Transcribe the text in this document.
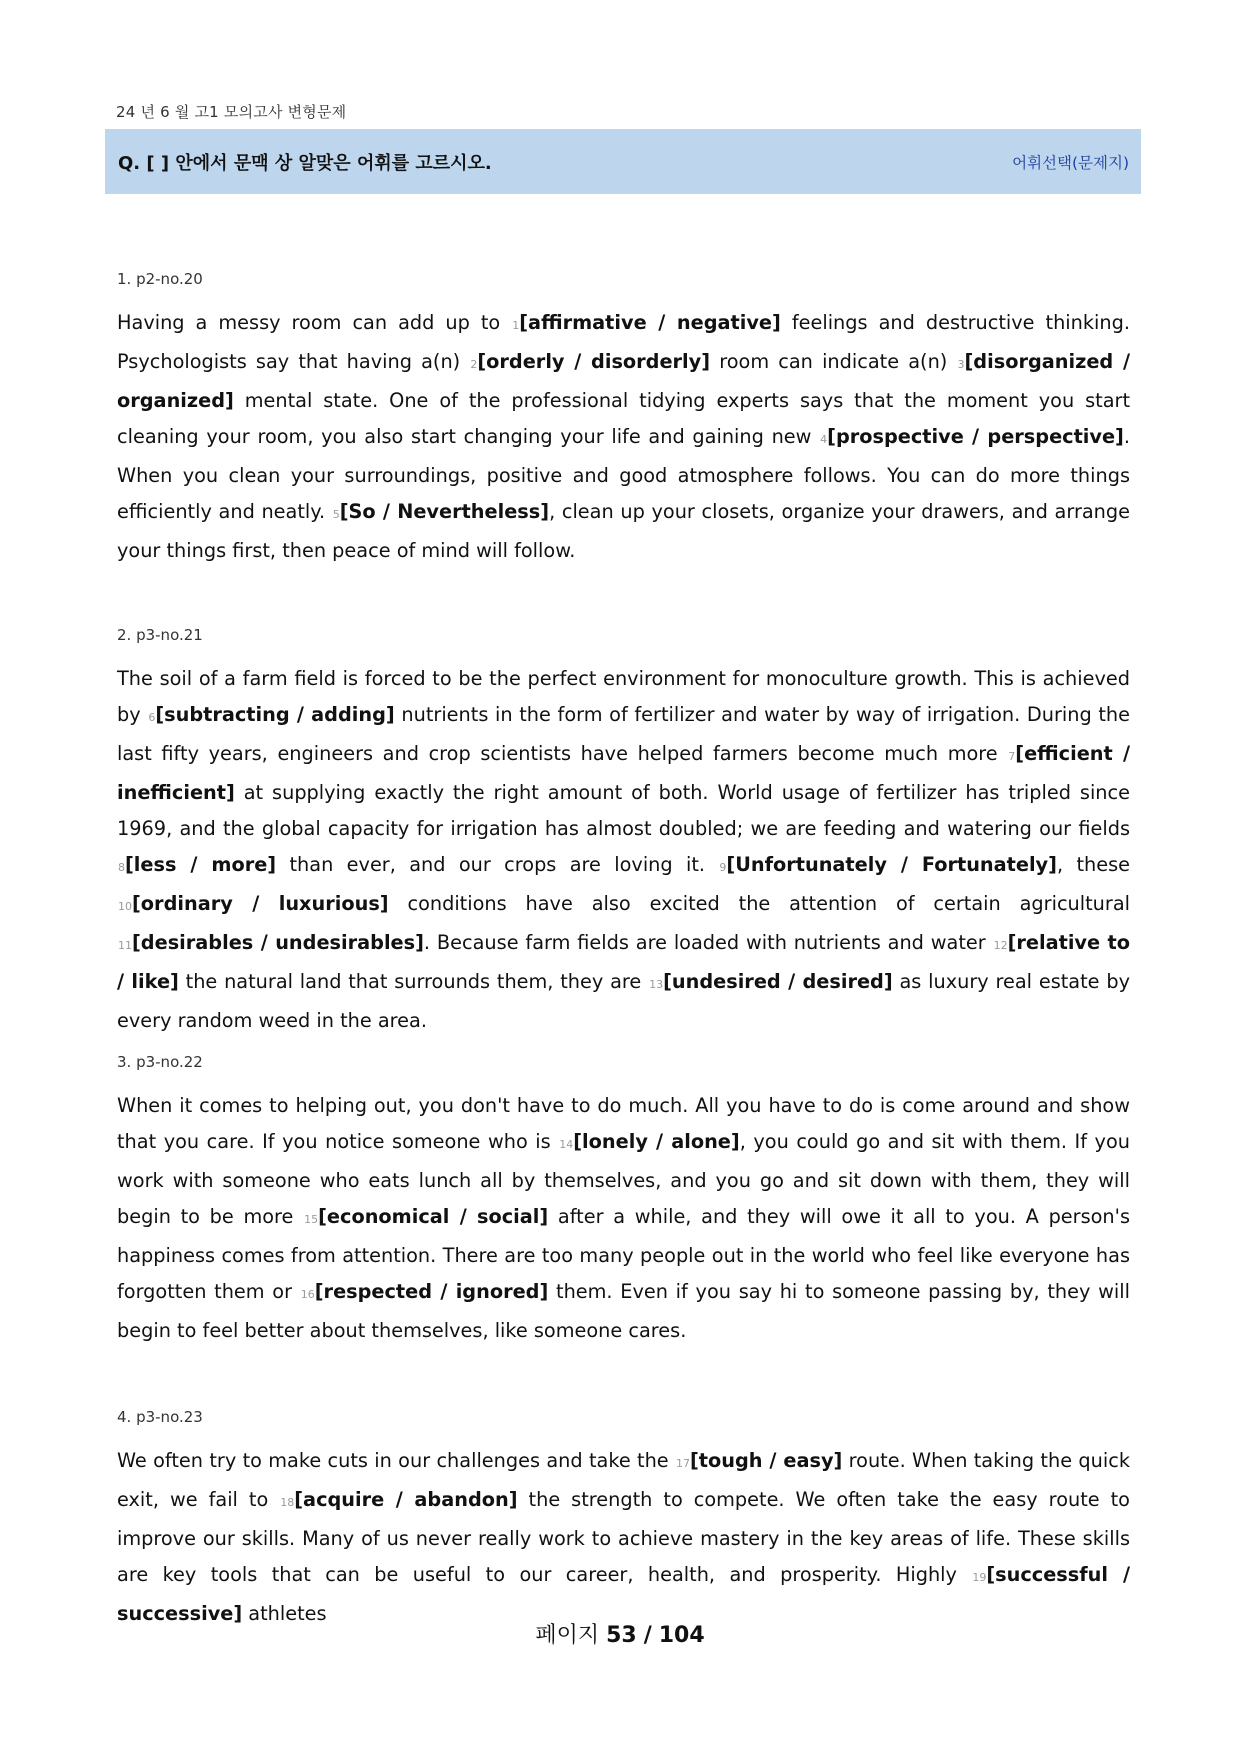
24 년 6 월 고1 모의고사 변형문제
Q. [ ] 안에서 문맥 상 알맞은 어휘를 고르시오.	어휘선택(문제지)
1. p2-no.20
Having a messy room can add up to 1[affirmative / negative] feelings and destructive thinking. Psychologists say that having a(n) 2[orderly / disorderly] room can indicate a(n) 3[disorganized / organized] mental state. One of the professional tidying experts says that the moment you start cleaning your room, you also start changing your life and gaining new 4[prospective / perspective]. When you clean your surroundings, positive and good atmosphere follows. You can do more things efficiently and neatly. 5[So / Nevertheless], clean up your closets, organize your drawers, and arrange your things first, then peace of mind will follow.
2. p3-no.21
The soil of a farm field is forced to be the perfect environment for monoculture growth. This is achieved by 6[subtracting / adding] nutrients in the form of fertilizer and water by way of irrigation. During the last fifty years, engineers and crop scientists have helped farmers become much more 7[efficient / inefficient] at supplying exactly the right amount of both. World usage of fertilizer has tripled since 1969, and the global capacity for irrigation has almost doubled; we are feeding and watering our fields 8[less / more] than ever, and our crops are loving it. 9[Unfortunately / Fortunately], these 10[ordinary / luxurious] conditions have also excited the attention of certain agricultural 11[desirables / undesirables]. Because farm fields are loaded with nutrients and water 12[relative to / like] the natural land that surrounds them, they are 13[undesired / desired] as luxury real estate by every random weed in the area.
3. p3-no.22
When it comes to helping out, you don't have to do much. All you have to do is come around and show that you care. If you notice someone who is 14[lonely / alone], you could go and sit with them. If you work with someone who eats lunch all by themselves, and you go and sit down with them, they will begin to be more 15[economical / social] after a while, and they will owe it all to you. A person's happiness comes from attention. There are too many people out in the world who feel like everyone has forgotten them or 16[respected / ignored] them. Even if you say hi to someone passing by, they will begin to feel better about themselves, like someone cares.
4. p3-no.23
We often try to make cuts in our challenges and take the 17[tough / easy] route. When taking the quick exit, we fail to 18[acquire / abandon] the strength to compete. We often take the easy route to improve our skills. Many of us never really work to achieve mastery in the key areas of life. These skills are key tools that can be useful to our career, health, and prosperity. Highly 19[successful / successive] athletes
페이지 53 / 104
